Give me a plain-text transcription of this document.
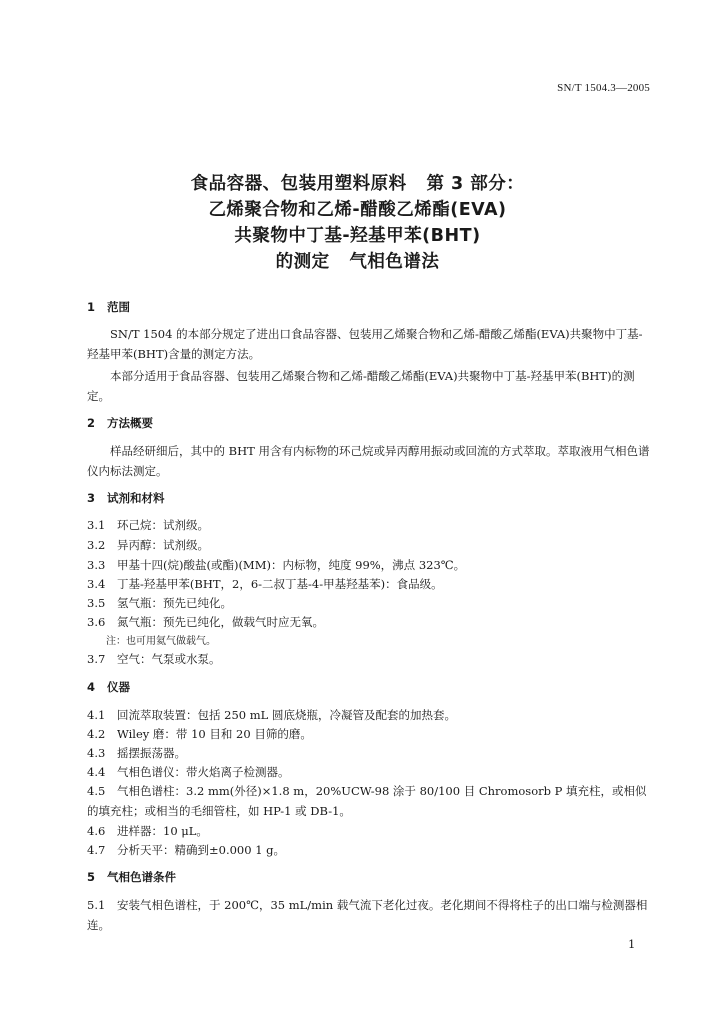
SN/T 1504.3—2005
食品容器、包装用塑料原料   第 3 部分：
乙烯聚合物和乙烯-醋酸乙烯酯(EVA)
共聚物中丁基-羟基甲苯(BHT)
的测定   气相色谱法
1   范围
SN/T 1504 的本部分规定了进出口食品容器、包装用乙烯聚合物和乙烯-醋酸乙烯酯(EVA)共聚物中丁基-羟基甲苯(BHT)含量的测定方法。
本部分适用于食品容器、包装用乙烯聚合物和乙烯-醋酸乙烯酯(EVA)共聚物中丁基-羟基甲苯(BHT)的测定。
2   方法概要
样品经研细后，其中的 BHT 用含有内标物的环己烷或异丙醇用振动或回流的方式萃取。萃取液用气相色谱仪内标法测定。
3   试剂和材料
3.1 环己烷：试剂级。
3.2 异丙醇：试剂级。
3.3 甲基十四(烷)酸盐(或酯)(MM)：内标物，纯度 99%，沸点 323℃。
3.4 丁基-羟基甲苯(BHT，2，6-二叔丁基-4-甲基羟基苯)：食品级。
3.5 氢气瓶：预先已纯化。
3.6 氮气瓶：预先已纯化，做载气时应无氧。
注：也可用氦气做载气。
3.7 空气：气泵或水泵。
4   仪器
4.1 回流萃取装置：包括 250 mL 圆底烧瓶，冷凝管及配套的加热套。
4.2 Wiley 磨：带 10 目和 20 目筛的磨。
4.3 摇摆振荡器。
4.4 气相色谱仪：带火焰离子检测器。
4.5 气相色谱柱：3.2 mm(外径)×1.8 m，20%UCW-98 涂于 80/100 目 Chromosorb P 填充柱，或相似的填充柱；或相当的毛细管柱，如 HP-1 或 DB-1。
4.6 进样器：10 μL。
4.7 分析天平：精确到±0.000 1 g。
5   气相色谱条件
5.1 安装气相色谱柱，于 200℃，35 mL/min 载气流下老化过夜。老化期间不得将柱子的出口端与检测器相连。
1
